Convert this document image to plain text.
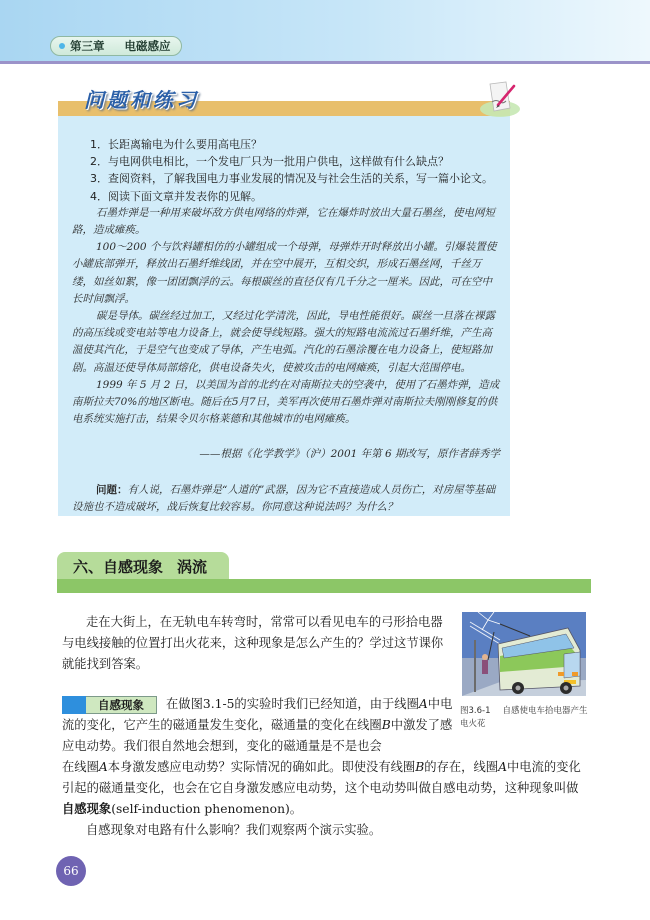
第三章 电磁感应
问题和练习
1．长距离输电为什么要用高电压？
2．与电网供电相比，一个发电厂只为一批用户供电，这样做有什么缺点？
3．查阅资料，了解我国电力事业发展的情况及与社会生活的关系，写一篇小论文。
4．阅读下面文章并发表你的见解。
石墨炸弹是一种用来破坏敌方供电网络的炸弹，它在爆炸时放出大量石墨丝，使电网短路，造成瘫痪。
100～200 个与饮料罐相仿的小罐组成一个母弹，母弹炸开时释放出小罐。引爆装置使小罐底部弹开，释放出石墨纤维线团，并在空中展开，互相交织，形成石墨丝网，千丝万缕，如丝如絮，像一团团飘浮的云。每根碳丝的直径仅有几千分之一厘米。因此，可在空中长时间飘浮。
碳是导体。碳丝经过加工，又经过化学清洗，因此，导电性能很好。碳丝一旦落在裸露的高压线或变电站等电力设备上，就会使导线短路。强大的短路电流流过石墨纤维，产生高温使其汽化，于是空气也变成了导体，产生电弧。汽化的石墨涂覆在电力设备上，使短路加剧。高温还使导体局部熔化，供电设备失火，使被攻击的电网瘫痪，引起大范围停电。
1999 年 5 月 2 日，以美国为首的北约在对南斯拉夫的空袭中，使用了石墨炸弹，造成南斯拉夫70%的地区断电。随后在5月7日，美军再次使用石墨炸弹对南斯拉夫刚刚修复的供电系统实施打击，结果令贝尔格莱德和其他城市的电网瘫痪。
——根据《化学教学》（沪）2001 年第 6 期改写，原作者薛秀学
问题：有人说，石墨炸弹是“人道的”武器，因为它不直接造成人员伤亡，对房屋等基础设施也不造成破坏，战后恢复比较容易。你同意这种说法吗？为什么？
六、 自感现象 涡流
走在大街上，在无轨电车转弯时，常常可以看见电车的弓形拾电器与电线接触的位置打出火花来，这种现象是怎么产生的？学过这节课你就能找到答案。
图3.6-1 自感使电车拾电器产生电火花
自感现象	在做图3.1-5的实验时我们已经知道，由于线圈A中电流的变化，它产生的磁通量发生变化，磁通量的变化在线圈B中激发了感应电动势。我们很自然地会想到，变化的磁通量是不是也会
在线圈A本身激发感应电动势？实际情况的确如此。即使没有线圈B的存在，线圈A中电流的变化引起的磁通量变化，也会在它自身激发感应电动势，这个电动势叫做自感电动势，这种现象叫做自感现象(self-induction phenomenon)。
自感现象对电路有什么影响？我们观察两个演示实验。
66
